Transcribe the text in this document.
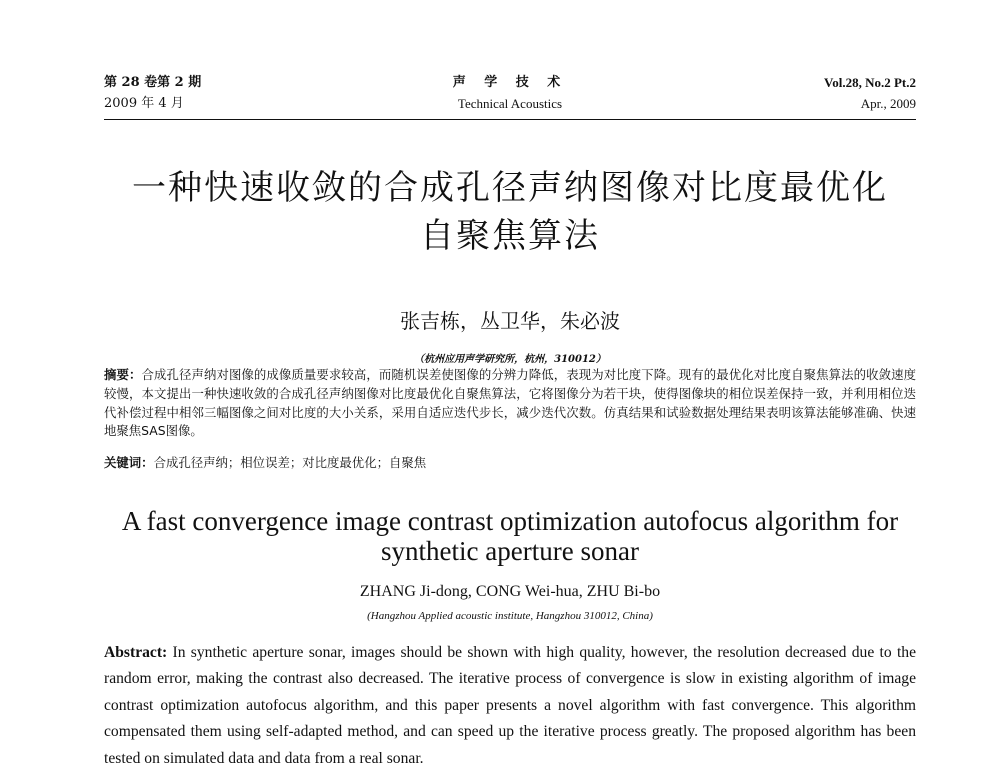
第 28 卷第 2 期
2009 年 4 月
声 学 技 术
Technical Acoustics
Vol.28, No.2 Pt.2
Apr., 2009
一种快速收敛的合成孔径声纳图像对比度最优化
自聚焦算法
张吉栋，丛卫华，朱必波
（杭州应用声学研究所，杭州，310012）
摘要：合成孔径声纳对图像的成像质量要求较高，而随机误差使图像的分辨力降低，表现为对比度下降。现有的最优化对比度自聚焦算法的收敛速度较慢，本文提出一种快速收敛的合成孔径声纳图像对比度最优化自聚焦算法，它将图像分为若干块，使得图像块的相位误差保持一致，并利用相位迭代补偿过程中相邻三幅图像之间对比度的大小关系，采用自适应迭代步长，减少迭代次数。仿真结果和试验数据处理结果表明该算法能够准确、快速地聚焦SAS图像。
关键词：合成孔径声纳；相位误差；对比度最优化；自聚焦
A fast convergence image contrast optimization autofocus algorithm for
synthetic aperture sonar
ZHANG Ji-dong, CONG Wei-hua, ZHU Bi-bo
(Hangzhou Applied acoustic institute, Hangzhou 310012, China)
Abstract: In synthetic aperture sonar, images should be shown with high quality, however, the resolution decreased due to the random error, making the contrast also decreased. The iterative process of convergence is slow in existing algorithm of image contrast optimization autofocus algorithm, and this paper presents a novel algorithm with fast convergence. This algorithm compensated them using self-adapted method, and can speed up the iterative process greatly. The proposed algorithm has been tested on simulated data and data from a real sonar.
